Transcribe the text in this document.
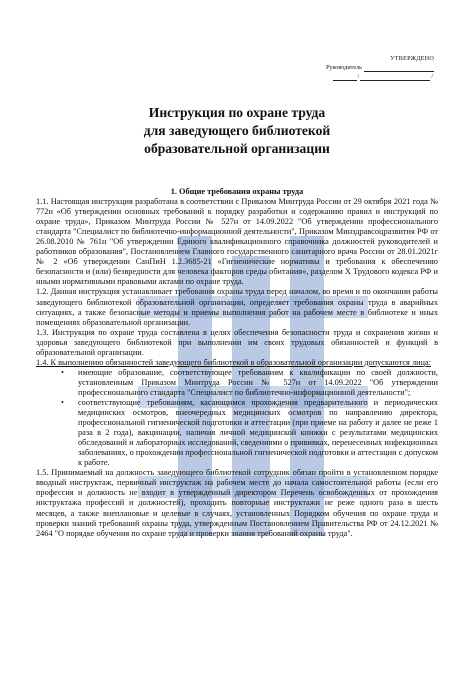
УТВЕРЖДЕНО
Руководитель
/	/
Инструкция по охране труда
для заведующего библиотекой
образовательной организации
1. Общие требования охраны труда

1.1. Настоящая инструкция разработана в соответствии с Приказом Минтруда России от 29 октября 2021 года № 772н «Об утверждении основных требований к порядку разработки и содержанию правил и инструкций по охране труда», Приказом Минтруда России № 527н от 14.09.2022 "Об утверждении профессионального стандарта "Специалист по библиотечно-информационной деятельности", Приказом Минздравсоцразвития РФ от 26.08.2010 № 761н "Об утверждении Единого квалификационного справочника должностей руководителей и работников образования", Постановлением Главного государственного санитарного врача России от 28.01.2021г № 2 «Об утверждении СанПиН 1.2.3685-21 «Гигиенические нормативы и требования к обеспечению безопасности и (или) безвредности для человека факторов среды обитания», разделом X Трудового кодекса РФ и иными нормативными правовыми актами по охране труда.

1.2. Данная инструкция устанавливает требования охраны труда перед началом, во время и по окончании работы заведующего библиотекой образовательной организации, определяет требования охраны труда в аварийных ситуациях, а также безопасные методы и приемы выполнения работ на рабочем месте в библиотеке и иных помещениях образовательной организации.

1.3. Инструкция по охране труда составлена в целях обеспечения безопасности труда и сохранения жизни и здоровья заведующего библиотекой при выполнении им своих трудовых обязанностей и функций в образовательной организации.

1.4. К выполнению обязанностей заведующего библиотекой в образовательной организации допускаются лица:

• имеющие образование, соответствующее требованиям к квалификации по своей должности, установленным Приказом Минтруда России № 527н от 14.09.2022 "Об утверждении профессионального стандарта "Специалист по библиотечно-информационной деятельности";
• соответствующие требованиям, касающимся прохождения предварительного и периодических медицинских осмотров, внеочередных медицинских осмотров по направлению директора, профессиональной гигиенической подготовки и аттестации (при приеме на работу и далее не реже 1 раза в 2 года), вакцинации, наличия личной медицинской книжки с результатами медицинских обследований и лабораторных исследований, сведениями о прививках, перенесенных инфекционных заболеваниях, о прохождении профессиональной гигиенической подготовки и аттестации с допуском к работе.

1.5. Принимаемый на должность заведующего библиотекой сотрудник обязан пройти в установленном порядке вводный инструктаж, первичный инструктаж на рабочем месте до начала самостоятельной работы (если его профессия и должность не входит в утвержденный директором Перечень освобожденных от прохождения инструктажа профессий и должностей), проходить повторные инструктажи не реже одного раза в шесть месяцев, а также внеплановые и целевые в случаях, установленных Порядком обучения по охране труда и проверки знаний требований охраны труда, утвержденным Постановлением Правительства РФ от 24.12.2021 № 2464 "О порядке обучения по охране труда и проверки знания требований охраны труда".
